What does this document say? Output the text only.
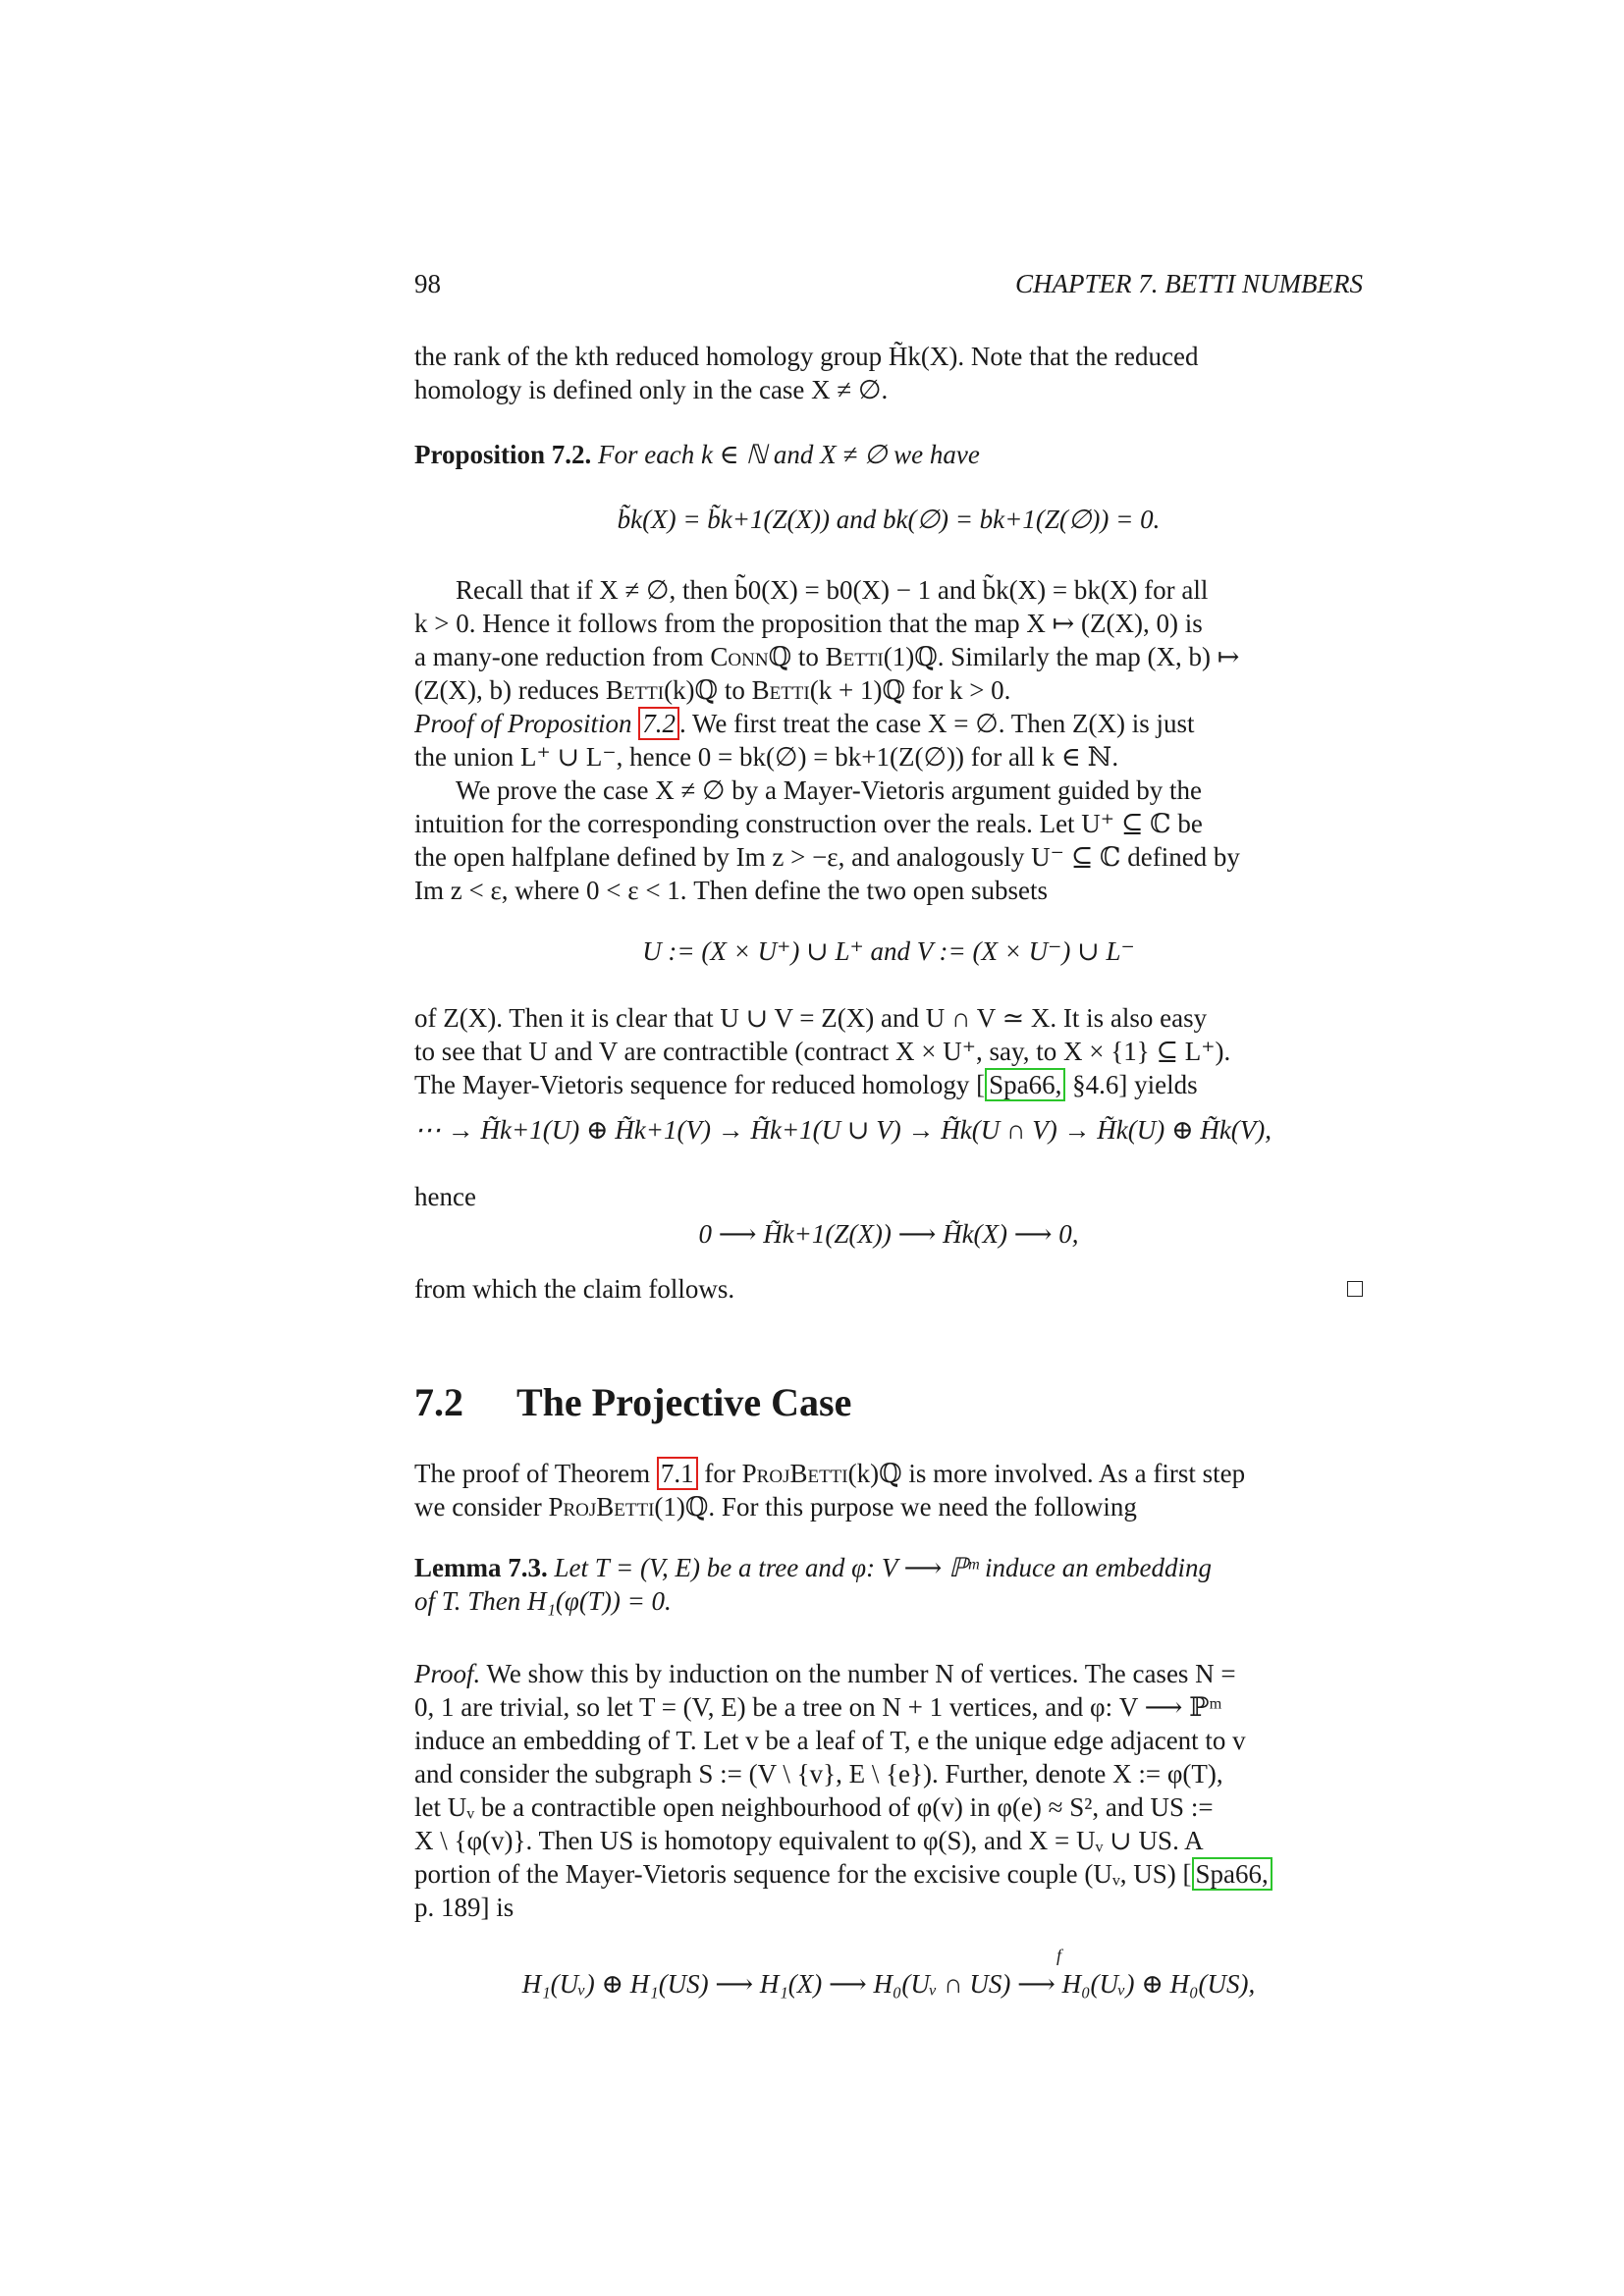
98	CHAPTER 7. BETTI NUMBERS
the rank of the kth reduced homology group H̃k(X). Note that the reduced
homology is defined only in the case X ≠ ∅.
Proposition 7.2. For each k ∈ ℕ and X ≠ ∅ we have
b̃k(X) = b̃k+1(Z(X)) and bk(∅) = bk+1(Z(∅)) = 0.
Recall that if X ≠ ∅, then b̃0(X) = b0(X) − 1 and b̃k(X) = bk(X) for all
k > 0. Hence it follows from the proposition that the map X ↦ (Z(X), 0) is
a many-one reduction from Connℚ to Betti(1)ℚ. Similarly the map (X, b) ↦
(Z(X), b) reduces Betti(k)ℚ to Betti(k + 1)ℚ for k > 0.
Proof of Proposition 7.2 . We first treat the case X = ∅. Then Z(X) is just
the union L⁺ ∪ L⁻, hence 0 = bk(∅) = bk+1(Z(∅)) for all k ∈ ℕ.
We prove the case X ≠ ∅ by a Mayer-Vietoris argument guided by the
intuition for the corresponding construction over the reals. Let U⁺ ⊆ ℂ be
the open halfplane defined by Im z > −ε, and analogously U⁻ ⊆ ℂ defined by
Im z < ε, where 0 < ε < 1. Then define the two open subsets
U := (X × U⁺) ∪ L⁺ and V := (X × U⁻) ∪ L⁻
of Z(X). Then it is clear that U ∪ V = Z(X) and U ∩ V ≃ X. It is also easy
to see that U and V are contractible (contract X × U⁺, say, to X × {1} ⊆ L⁺).
The Mayer-Vietoris sequence for reduced homology [ Spa66, §4.6] yields
⋯ → H̃k+1(U) ⊕ H̃k+1(V) → H̃k+1(U ∪ V) → H̃k(U ∩ V) → H̃k(U) ⊕ H̃k(V),
hence
0 ⟶ H̃k+1(Z(X)) ⟶ H̃k(X) ⟶ 0,
from which the claim follows.
7.2 The Projective Case
The proof of Theorem 7.1 for ProjBetti(k)ℚ is more involved. As a first step
we consider ProjBetti(1)ℚ. For this purpose we need the following
Lemma 7.3. Let T = (V, E) be a tree and φ: V ⟶ ℙᵐ induce an embedding
of T. Then H₁(φ(T)) = 0.
Proof. We show this by induction on the number N of vertices. The cases N =
0, 1 are trivial, so let T = (V, E) be a tree on N + 1 vertices, and φ: V ⟶ ℙᵐ
induce an embedding of T. Let v be a leaf of T, e the unique edge adjacent to v
and consider the subgraph S := (V \ {v}, E \ {e}). Further, denote X := φ(T),
let Uᵥ be a contractible open neighbourhood of φ(v) in φ(e) ≈ S², and US :=
X \ {φ(v)}. Then US is homotopy equivalent to φ(S), and X = Uᵥ ∪ US. A
portion of the Mayer-Vietoris sequence for the excisive couple (Uᵥ, US) [ Spa66,
p. 189] is
H₁(Uᵥ) ⊕ H₁(US) ⟶ H₁(X) ⟶ H₀(Uᵥ ∩ US) ⟶ H₀(Uᵥ) ⊕ H₀(US),
f
